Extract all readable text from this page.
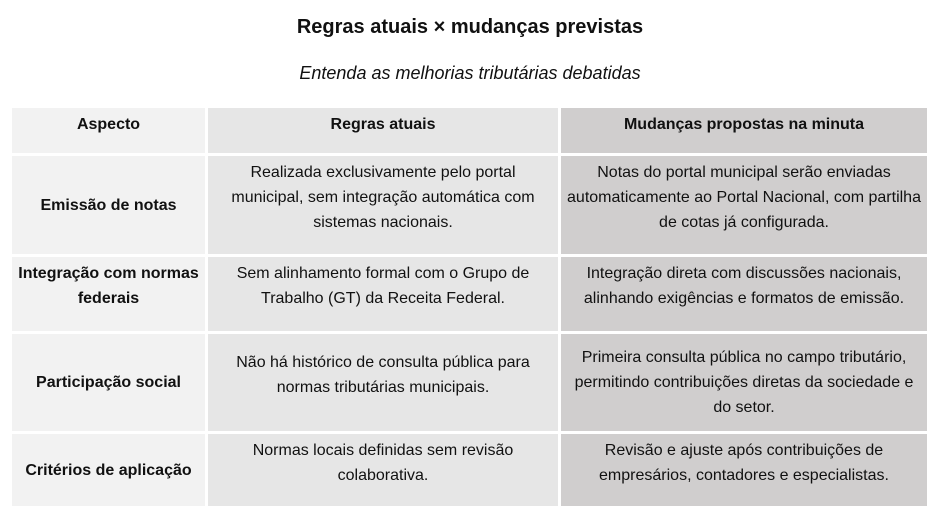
Regras atuais × mudanças previstas
Entenda as melhorias tributárias debatidas
Aspecto	Regras atuais	Mudanças propostas na minuta
Emissão de notas	Realizada exclusivamente pelo portal municipal, sem integração automática com sistemas nacionais.	Notas do portal municipal serão enviadas automaticamente ao Portal Nacional, com partilha de cotas já configurada.
Integração com normas federais	Sem alinhamento formal com o Grupo de Trabalho (GT) da Receita Federal.	Integração direta com discussões nacionais, alinhando exigências e formatos de emissão.
Participação social	Não há histórico de consulta pública para normas tributárias municipais.	Primeira consulta pública no campo tributário, permitindo contribuições diretas da sociedade e do setor.
Critérios de aplicação	Normas locais definidas sem revisão colaborativa.	Revisão e ajuste após contribuições de empresários, contadores e especialistas.
